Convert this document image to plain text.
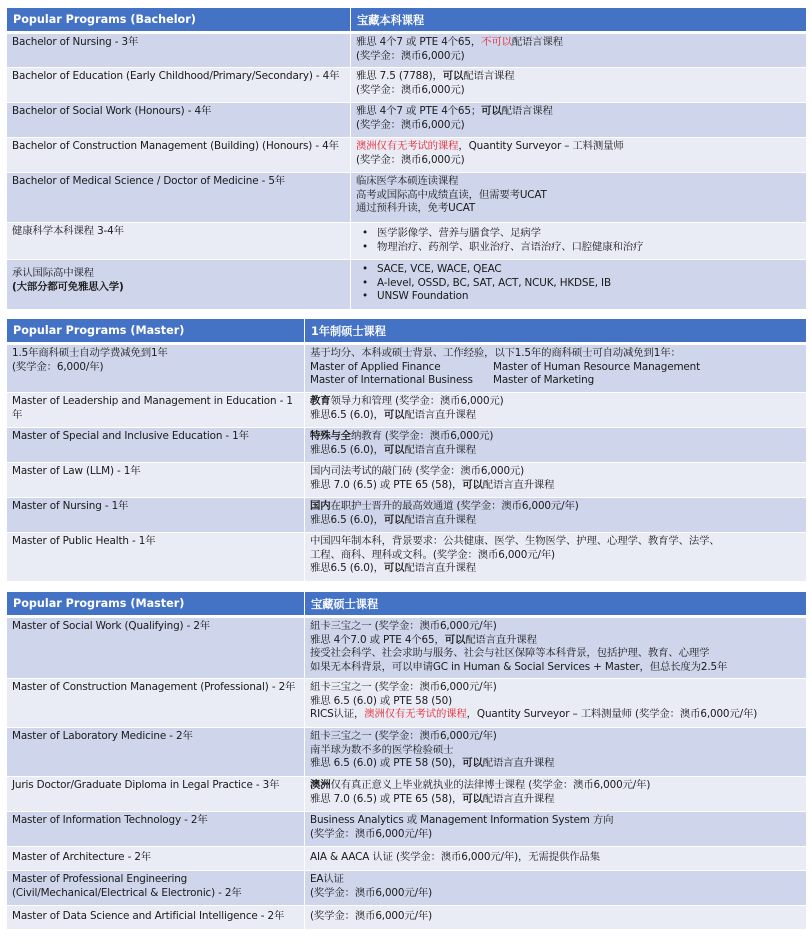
Popular Programs (Bachelor)	宝藏本科课程
Bachelor of Nursing - 3年	雅思 4个7 或 PTE 4个65，不可以配语言课程
(奖学金：澳币6,000元)

Bachelor of Education (Early Childhood/Primary/Secondary) - 4年	雅思 7.5 (7788)，可以配语言课程
(奖学金：澳币6,000元)

Bachelor of Social Work (Honours) - 4年	雅思 4个7 或 PTE 4个65；可以配语言课程
(奖学金：澳币6,000元)

Bachelor of Construction Management (Building) (Honours) - 4年	澳洲仅有无考试的课程，Quantity Surveyor – 工料测量师
(奖学金：澳币6,000元)

Bachelor of Medical Science / Doctor of Medicine - 5年	临床医学本硕连读课程
高考或国际高中成绩直读，但需要考UCAT
通过预科升读，免考UCAT

健康科学本科课程 3-4年	• 医学影像学、营养与膳食学、足病学
• 物理治疗、药剂学、职业治疗、言语治疗、口腔健康和治疗

承认国际高中课程
(大部分都可免雅思入学)	• SACE, VCE, WACE, QEAC
• A-level, OSSD, BC, SAT, ACT, NCUK, HKDSE, IB
• UNSW Foundation
Popular Programs (Master)	1年制硕士课程

1.5年商科硕士自动学费减免到1年
(奖学金：6,000/年)	基于均分、本科或硕士背景、工作经验，以下1.5年的商科硕士可自动减免到1年：
Master of Applied Finance Master of Human Resource Management
Master of International Business Master of Marketing

Master of Leadership and Management in Education - 1年	教育领导力和管理 (奖学金：澳币6,000元)
雅思6.5 (6.0)，可以配语言直升课程

Master of Special and Inclusive Education - 1年	特殊与全纳教育 (奖学金：澳币6,000元)
雅思6.5 (6.0)，可以配语言直升课程

Master of Law (LLM) - 1年	国内司法考试的敲门砖 (奖学金：澳币6,000元)
雅思 7.0 (6.5) 或 PTE 65 (58)，可以配语言直升课程

Master of Nursing - 1年	国内在职护士晋升的最高效通道 (奖学金：澳币6,000元/年)
雅思6.5 (6.0)，可以配语言直升课程

Master of Public Health - 1年	中国四年制本科，背景要求：公共健康、医学、生物医学、护理、心理学、教育学、法学、
工程、商科、理科或文科。(奖学金：澳币6,000元/年)
雅思6.5 (6.0)，可以配语言直升课程
Popular Programs (Master)	宝藏硕士课程
Master of Social Work (Qualifying) - 2年	紐卡三宝之一 (奖学金：澳币6,000元/年)
雅思 4个7.0 或 PTE 4个65，可以配语言直升课程
接受社会科学、社会求助与服务、社会与社区保障等本科背景，包括护理、教育、心理学
如果无本科背景，可以申请GC in Human & Social Services + Master，但总长度为2.5年

Master of Construction Management (Professional) - 2年	紐卡三宝之一 (奖学金：澳币6,000元/年)
雅思 6.5 (6.0) 或 PTE 58 (50)
RICS认证，澳洲仅有无考试的课程，Quantity Surveyor – 工料测量师 (奖学金：澳币6,000元/年)

Master of Laboratory Medicine - 2年	紐卡三宝之一 (奖学金：澳币6,000元/年)
南半球为数不多的医学检验硕士
雅思 6.5 (6.0) 或 PTE 58 (50)，可以配语言直升课程

Juris Doctor/Graduate Diploma in Legal Practice - 3年	澳洲仅有真正意义上毕业就执业的法律博士课程 (奖学金：澳币6,000元/年)
雅思 7.0 (6.5) 或 PTE 65 (58)，可以配语言直升课程

Master of Information Technology - 2年	Business Analytics 或 Management Information System 方向
(奖学金：澳币6,000元/年)

Master of Architecture - 2年	AIA & AACA 认证 (奖学金：澳币6,000元/年)，无需提供作品集

Master of Professional Engineering
(Civil/Mechanical/Electrical & Electronic) - 2年	EA认证
(奖学金：澳币6,000元/年)

Master of Data Science and Artificial Intelligence - 2年	(奖学金：澳币6,000元/年)
